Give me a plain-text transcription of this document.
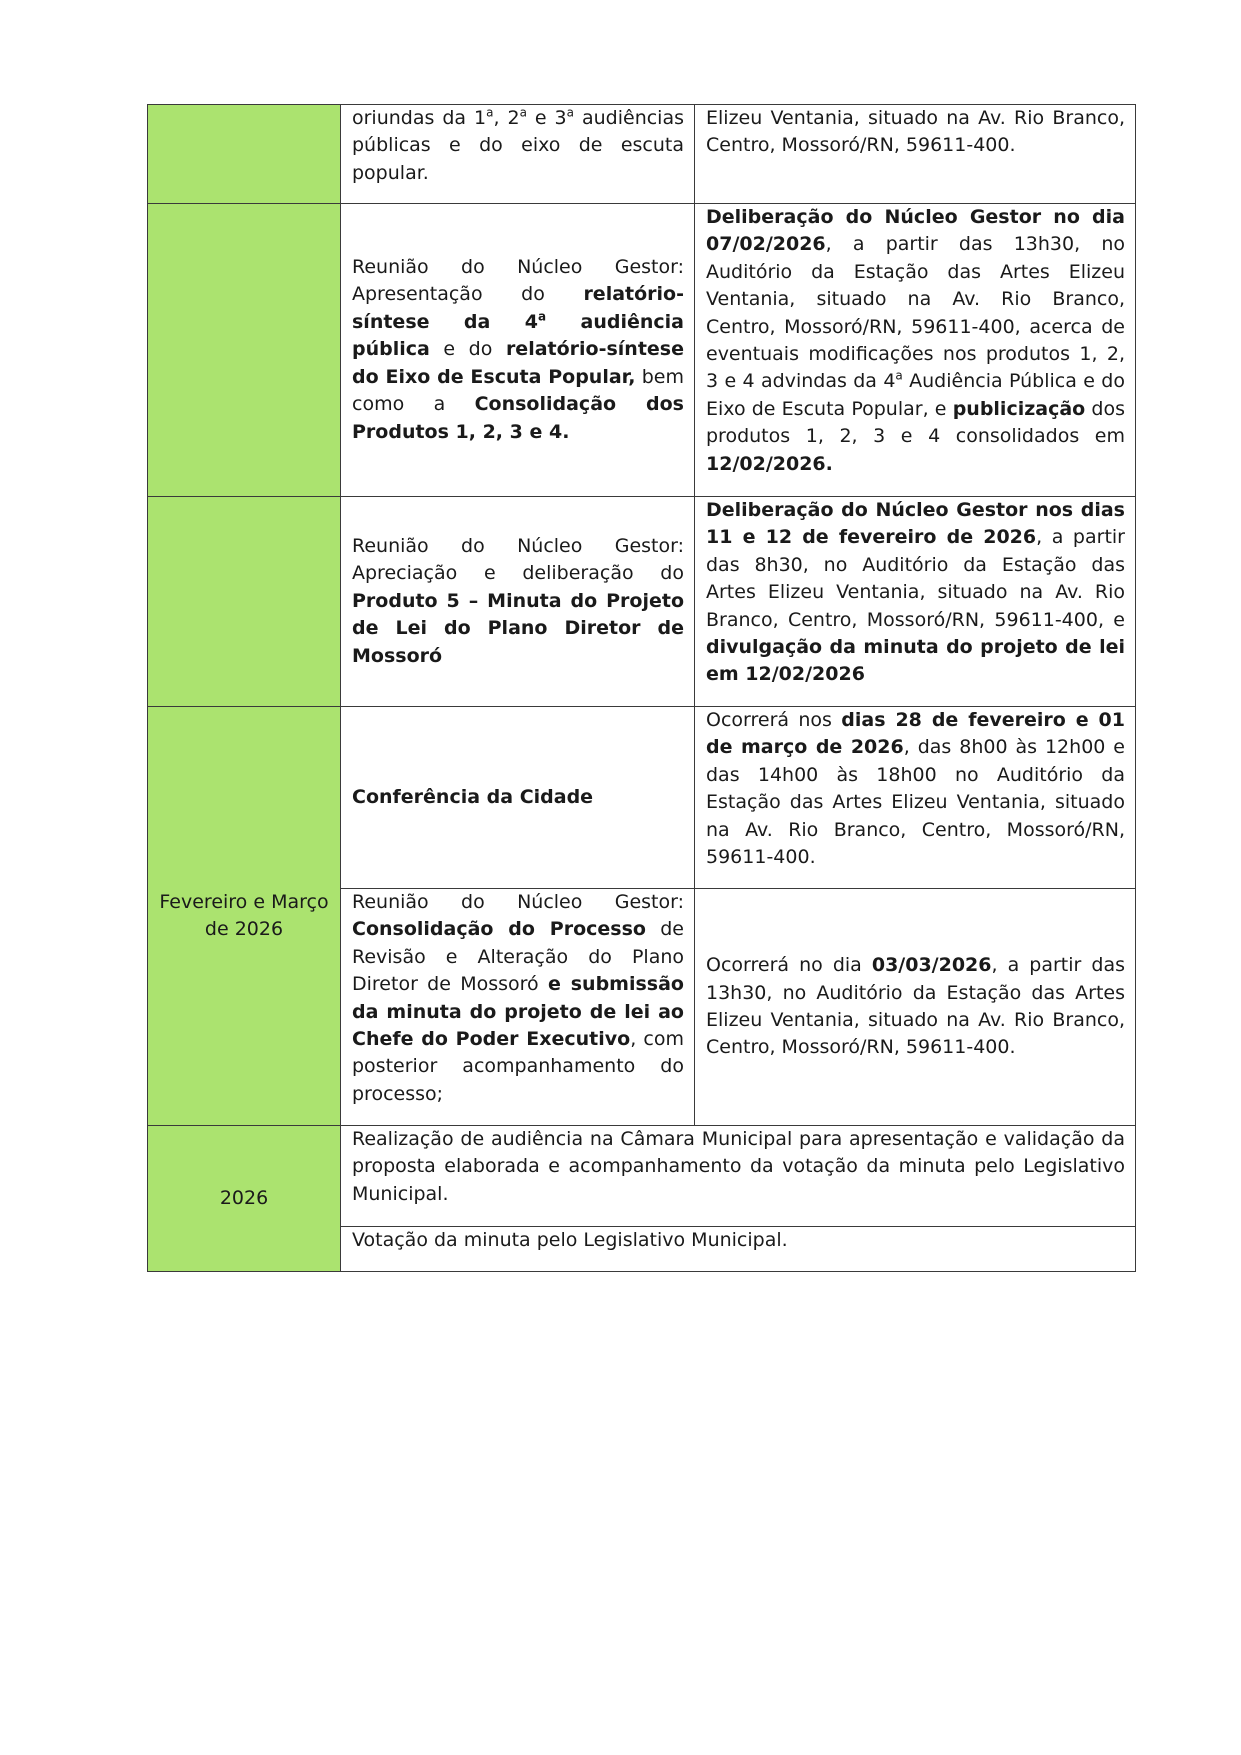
	oriundas da 1$^a$, 2$^a$ e 3$^a$ audiências públicas e do eixo de escuta popular.	Elizeu Ventania, situado na Av. Rio Branco, Centro, Mossoró/RN, 59611-400.
	Reunião do Núcleo Gestor: Apresentação do relatório-síntese da 4$^a$ audiência pública e do relatório-síntese do Eixo de Escuta Popular, bem como a Consolidação dos Produtos 1, 2, 3 e 4.	Deliberação do Núcleo Gestor no dia 07/02/2026, a partir das 13h30, no Auditório da Estação das Artes Elizeu Ventania, situado na Av. Rio Branco, Centro, Mossoró/RN, 59611-400, acerca de eventuais modificações nos produtos 1, 2, 3 e 4 advindas da 4$^a$ Audiência Pública e do Eixo de Escuta Popular, e publicização dos produtos 1, 2, 3 e 4 consolidados em 12/02/2026.
	Reunião do Núcleo Gestor: Apreciação e deliberação do Produto 5 – Minuta do Projeto de Lei do Plano Diretor de Mossoró	Deliberação do Núcleo Gestor nos dias 11 e 12 de fevereiro de 2026, a partir das 8h30, no Auditório da Estação das Artes Elizeu Ventania, situado na Av. Rio Branco, Centro, Mossoró/RN, 59611-400, e divulgação da minuta do projeto de lei em 12/02/2026
Fevereiro e Março de 2026	Conferência da Cidade	Ocorrerá nos dias 28 de fevereiro e 01 de março de 2026, das 8h00 às 12h00 e das 14h00 às 18h00 no Auditório da Estação das Artes Elizeu Ventania, situado na Av. Rio Branco, Centro, Mossoró/RN, 59611-400.
	Reunião do Núcleo Gestor: Consolidação do Processo de Revisão e Alteração do Plano Diretor de Mossoró e submissão da minuta do projeto de lei ao Chefe do Poder Executivo, com posterior acompanhamento do processo;	Ocorrerá no dia 03/03/2026, a partir das 13h30, no Auditório da Estação das Artes Elizeu Ventania, situado na Av. Rio Branco, Centro, Mossoró/RN, 59611-400.
2026	Realização de audiência na Câmara Municipal para apresentação e validação da proposta elaborada e acompanhamento da votação da minuta pelo Legislativo Municipal.	
	Votação da minuta pelo Legislativo Municipal.	
